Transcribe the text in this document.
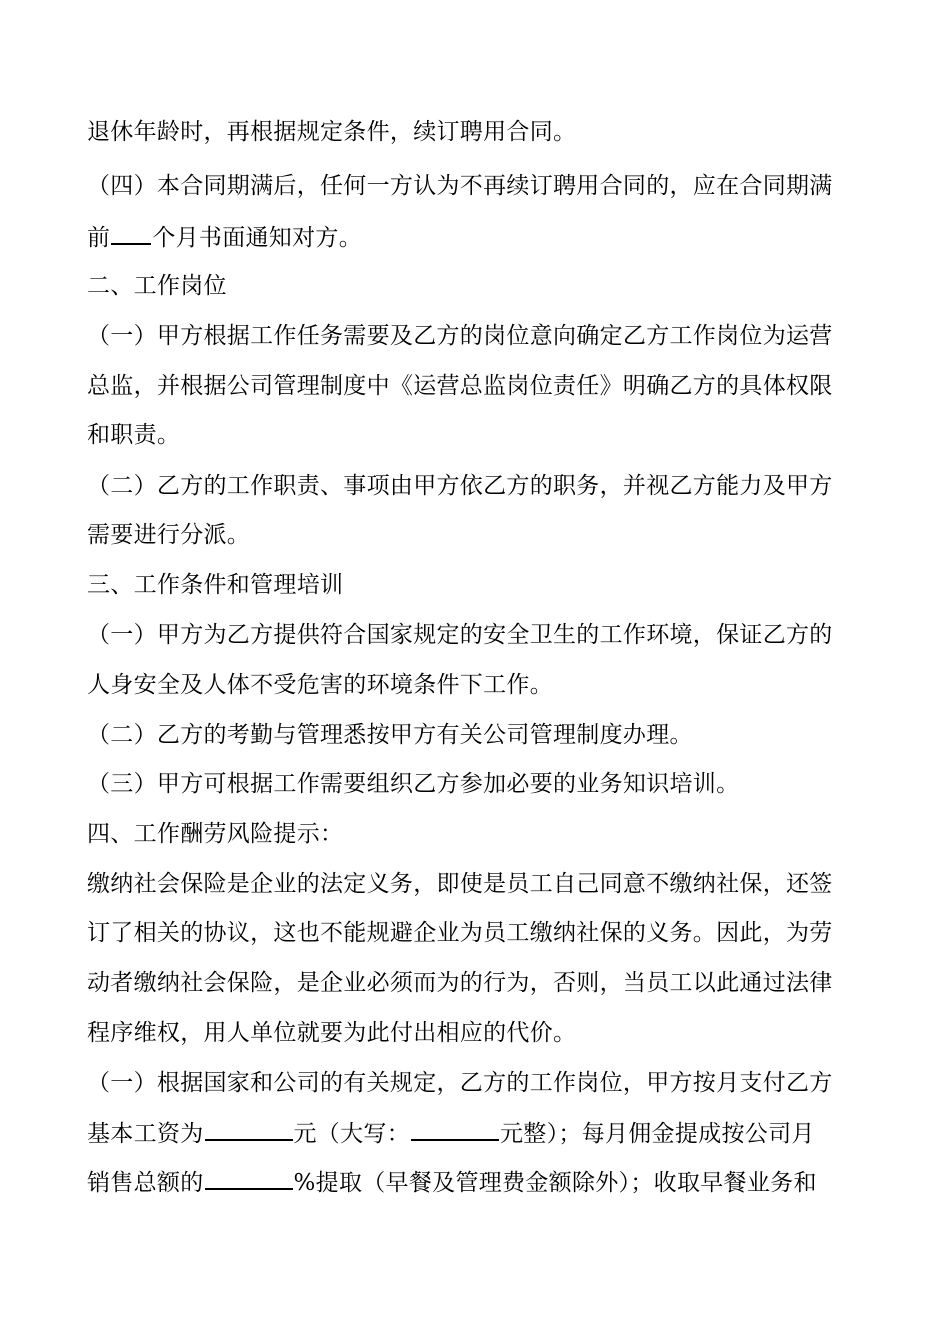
退休年龄时，再根据规定条件，续订聘用合同。
（四）本合同期满后，任何一方认为不再续订聘用合同的，应在合同期满
前 个月书面通知对方。
二、工作岗位
（一）甲方根据工作任务需要及乙方的岗位意向确定乙方工作岗位为运营
总监，并根据公司管理制度中《运营总监岗位责任》明确乙方的具体权限
和职责。
（二）乙方的工作职责、事项由甲方依乙方的职务，并视乙方能力及甲方
需要进行分派。
三、工作条件和管理培训
（一）甲方为乙方提供符合国家规定的安全卫生的工作环境，保证乙方的
人身安全及人体不受危害的环境条件下工作。
（二）乙方的考勤与管理悉按甲方有关公司管理制度办理。
（三）甲方可根据工作需要组织乙方参加必要的业务知识培训。
四、工作酬劳风险提示：
缴纳社会保险是企业的法定义务，即使是员工自己同意不缴纳社保，还签
订了相关的协议，这也不能规避企业为员工缴纳社保的义务。因此，为劳
动者缴纳社会保险，是企业必须而为的行为，否则，当员工以此通过法律
程序维权，用人单位就要为此付出相应的代价。
（一）根据国家和公司的有关规定，乙方的工作岗位，甲方按月支付乙方
基本工资为	元（大写：	元整）；每月佣金提成按公司月
销售总额的	%提取（早餐及管理费金额除外）；收取早餐业务和
